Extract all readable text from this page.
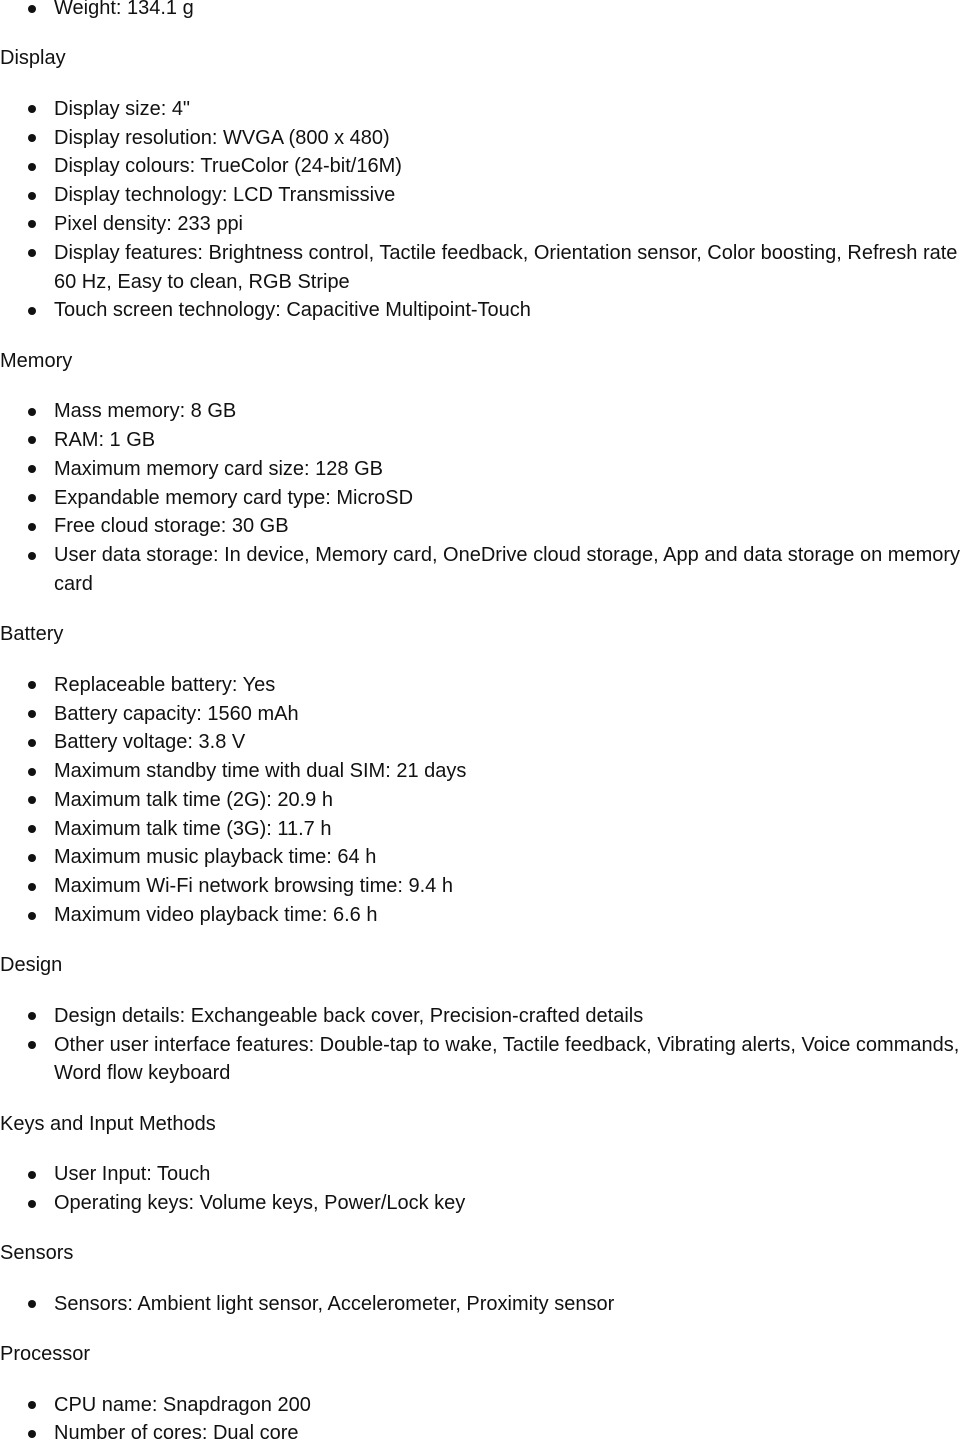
Weight: 134.1 g
Display
Display size: 4"
Display resolution: WVGA (800 x 480)
Display colours: TrueColor (24-bit/16M)
Display technology: LCD Transmissive
Pixel density: 233 ppi
Display features: Brightness control, Tactile feedback, Orientation sensor, Color boosting, Refresh rate 60 Hz, Easy to clean, RGB Stripe
Touch screen technology: Capacitive Multipoint-Touch
Memory
Mass memory: 8 GB
RAM: 1 GB
Maximum memory card size: 128 GB
Expandable memory card type: MicroSD
Free cloud storage: 30 GB
User data storage: In device, Memory card, OneDrive cloud storage, App and data storage on memory card
Battery
Replaceable battery: Yes
Battery capacity: 1560 mAh
Battery voltage: 3.8 V
Maximum standby time with dual SIM: 21 days
Maximum talk time (2G): 20.9 h
Maximum talk time (3G): 11.7 h
Maximum music playback time: 64 h
Maximum Wi-Fi network browsing time: 9.4 h
Maximum video playback time: 6.6 h
Design
Design details: Exchangeable back cover, Precision-crafted details
Other user interface features: Double-tap to wake, Tactile feedback, Vibrating alerts, Voice commands, Word flow keyboard
Keys and Input Methods
User Input: Touch
Operating keys: Volume keys, Power/Lock key
Sensors
Sensors: Ambient light sensor, Accelerometer, Proximity sensor
Processor
CPU name: Snapdragon 200
Number of cores: Dual core
